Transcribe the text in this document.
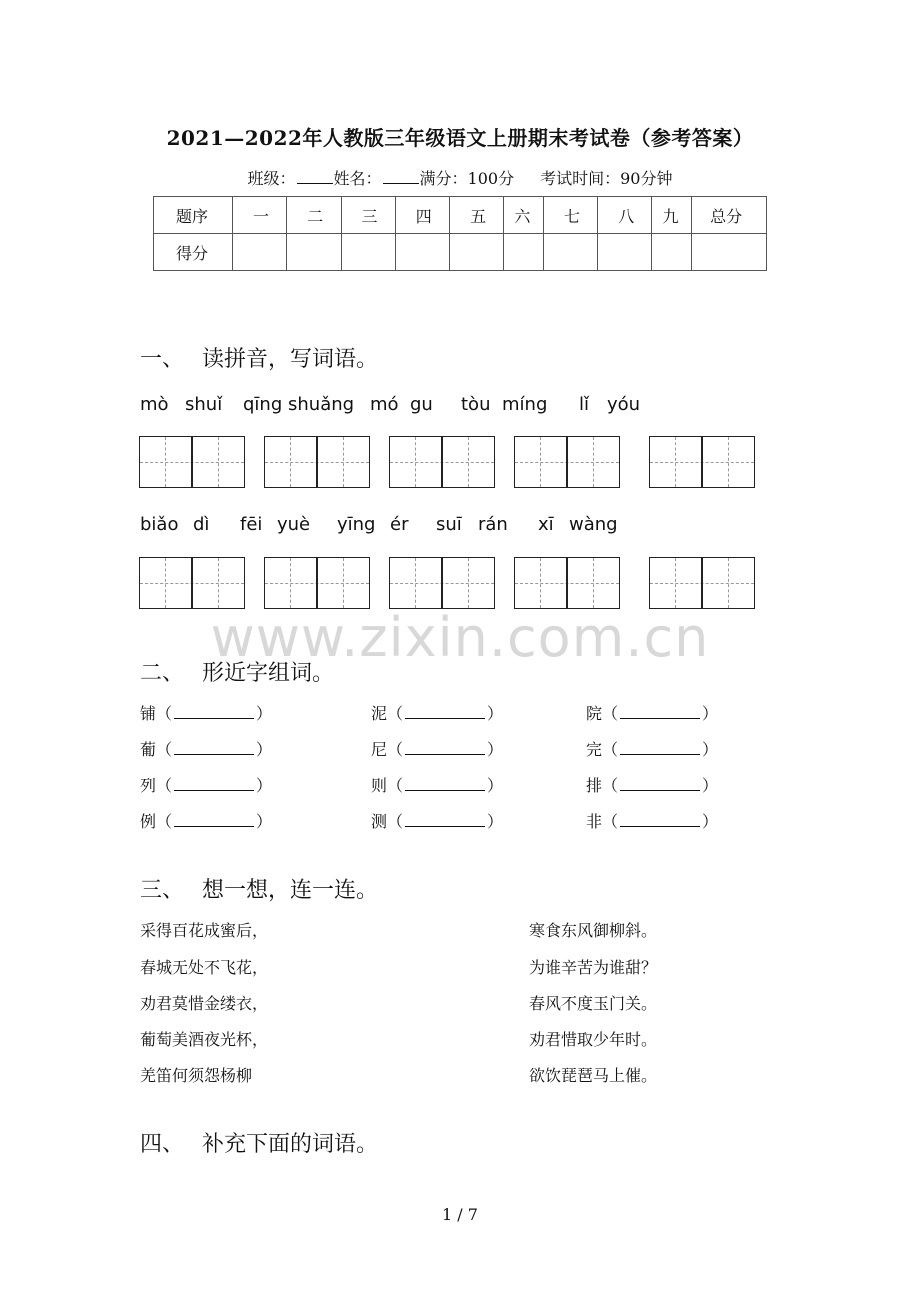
2021—2022年人教版三年级语文上册期末考试卷（参考答案）
班级： 姓名： 满分：100分 考试时间：90分钟
题序	一	二	三	四	五	六	七	八	九	总分
得分										
一、 读拼音，写词语。
mò shuǐ qīng shuǎng mó gu tòu míng lǐ yóu
biǎo dì fēi yuè yīng ér suī rán xī wàng
www.zixin.com.cn
二、 形近字组词。
铺（	）	泥（	）	院（	）
葡（	）	尼（	）	完（	）
列（	）	则（	）	排（	）
例（	）	测（	）	非（	）
三、 想一想，连一连。
采得百花成蜜后，
春城无处不飞花，
劝君莫惜金缕衣，
葡萄美酒夜光杯，
羌笛何须怨杨柳
寒食东风御柳斜。
为谁辛苦为谁甜？
春风不度玉门关。
劝君惜取少年时。
欲饮琵琶马上催。
四、 补充下面的词语。
1 / 7
